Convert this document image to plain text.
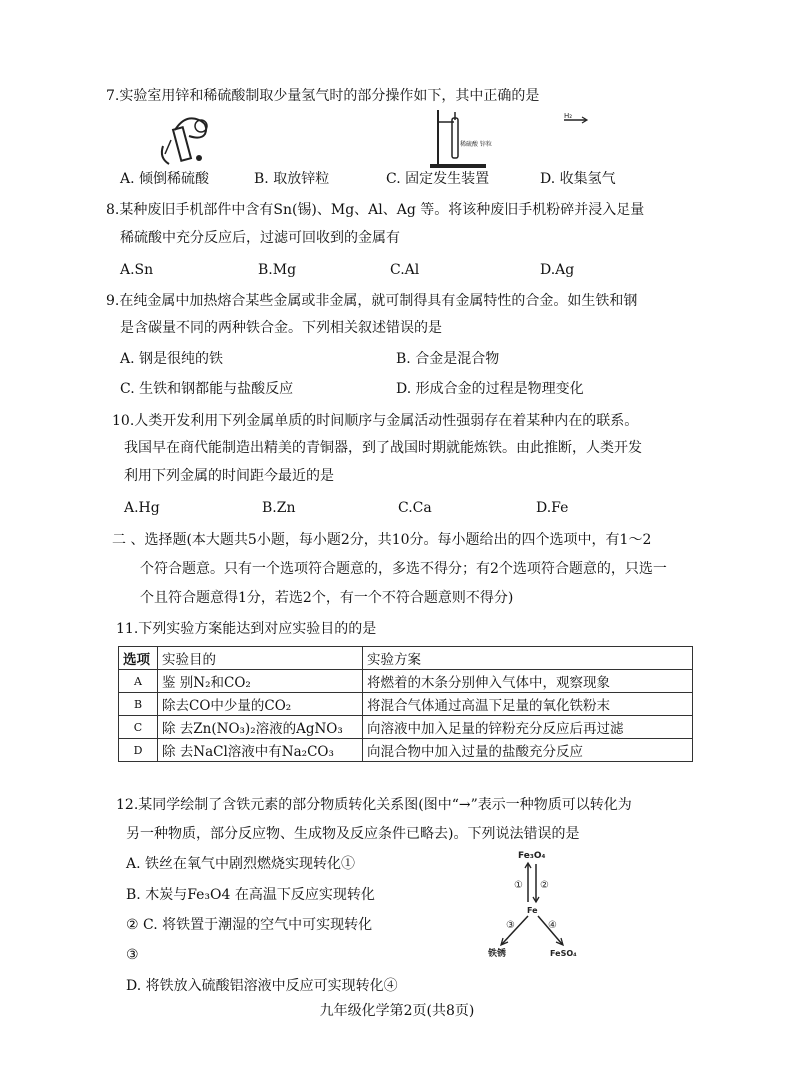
7.实验室用锌和稀硫酸制取少量氢气时的部分操作如下，其中正确的是
稀硫酸 锌粒
H₂
A. 倾倒稀硫酸	B. 取放锌粒	C. 固定发生装置	D. 收集氢气
8.某种废旧手机部件中含有Sn(锡)、Mg、Al、Ag 等。将该种废旧手机粉碎并浸入足量
稀硫酸中充分反应后，过滤可回收到的金属有
A.Sn	B.Mg	C.Al	D.Ag
9.在纯金属中加热熔合某些金属或非金属，就可制得具有金属特性的合金。如生铁和钢
是含碳量不同的两种铁合金。下列相关叙述错误的是
A. 钢是很纯的铁	B. 合金是混合物
C. 生铁和钢都能与盐酸反应	D. 形成合金的过程是物理变化
10.人类开发利用下列金属单质的时间顺序与金属活动性强弱存在着某种内在的联系。
我国早在商代能制造出精美的青铜器，到了战国时期就能炼铁。由此推断，人类开发
利用下列金属的时间距今最近的是
A.Hg	B.Zn	C.Ca	D.Fe
二 、选择题(本大题共5小题，每小题2分，共10分。每小题给出的四个选项中，有1～2
个符合题意。只有一个选项符合题意的，多选不得分；有2个选项符合题意的，只选一
个且符合题意得1分，若选2个，有一个不符合题意则不得分)
11.下列实验方案能达到对应实验目的的是
选项	实验目的	实验方案
A	鉴 别N₂和CO₂	将燃着的木条分别伸入气体中，观察现象
B	除去CO中少量的CO₂	将混合气体通过高温下足量的氧化铁粉末
C	除 去Zn(NO₃)₂溶液的AgNO₃	向溶液中加入足量的锌粉充分反应后再过滤
D	除 去NaCl溶液中有Na₂CO₃	向混合物中加入过量的盐酸充分反应
12.某同学绘制了含铁元素的部分物质转化关系图(图中“→”表示一种物质可以转化为
另一种物质，部分反应物、生成物及反应条件已略去)。下列说法错误的是
A. 铁丝在氧气中剧烈燃烧实现转化①
B. 木炭与Fe₃O4 在高温下反应实现转化
② C. 将铁置于潮湿的空气中可实现转化
③
D. 将铁放入硫酸铝溶液中反应可实现转化④
Fe₃O₄
① ②
Fe
③	④
铁锈	FeSO₄
九年级化学第2页(共8页)
